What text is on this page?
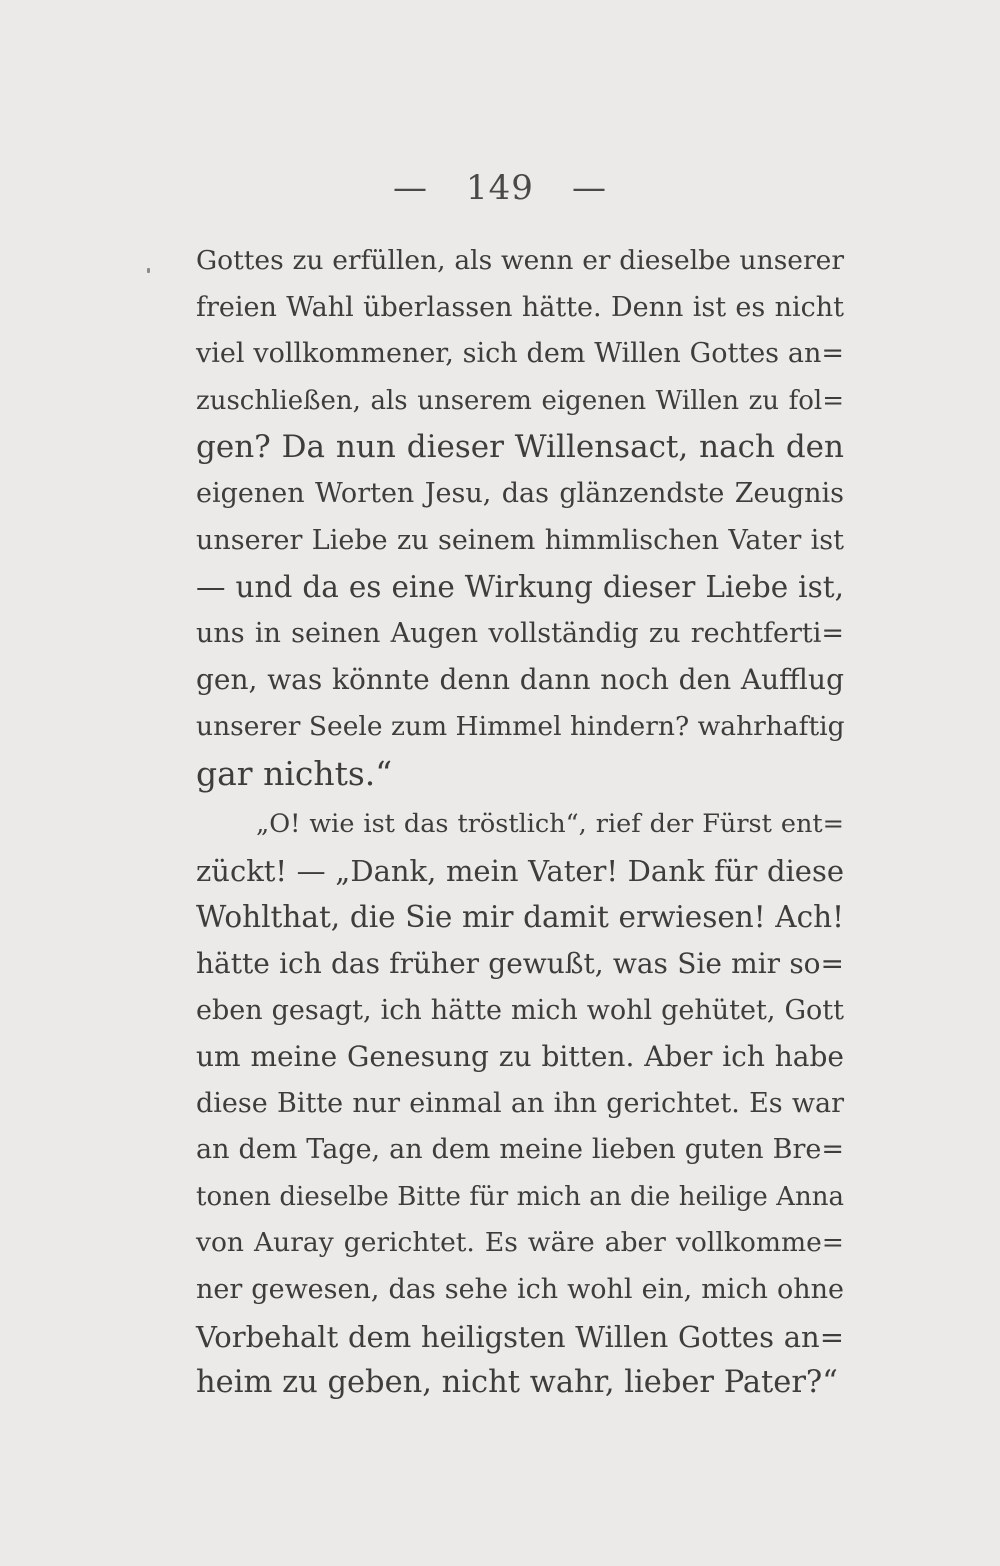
— 149 —
Gottes zu erfüllen, als wenn er dieselbe unserer
freien Wahl überlassen hätte. Denn ist es nicht
viel vollkommener, sich dem Willen Gottes an=
zuschließen, als unserem eigenen Willen zu fol=
gen? Da nun dieser Willensact, nach den
eigenen Worten Jesu, das glänzendste Zeugnis
unserer Liebe zu seinem himmlischen Vater ist
— und da es eine Wirkung dieser Liebe ist,
uns in seinen Augen vollständig zu rechtferti=
gen, was könnte denn dann noch den Aufflug
unserer Seele zum Himmel hindern? wahrhaftig
gar nichts.“
„O! wie ist das tröstlich“, rief der Fürst ent=
zückt! — „Dank, mein Vater! Dank für diese
Wohlthat, die Sie mir damit erwiesen! Ach!
hätte ich das früher gewußt, was Sie mir so=
eben gesagt, ich hätte mich wohl gehütet, Gott
um meine Genesung zu bitten. Aber ich habe
diese Bitte nur einmal an ihn gerichtet. Es war
an dem Tage, an dem meine lieben guten Bre=
tonen dieselbe Bitte für mich an die heilige Anna
von Auray gerichtet. Es wäre aber vollkomme=
ner gewesen, das sehe ich wohl ein, mich ohne
Vorbehalt dem heiligsten Willen Gottes an=
heim zu geben, nicht wahr, lieber Pater?“
